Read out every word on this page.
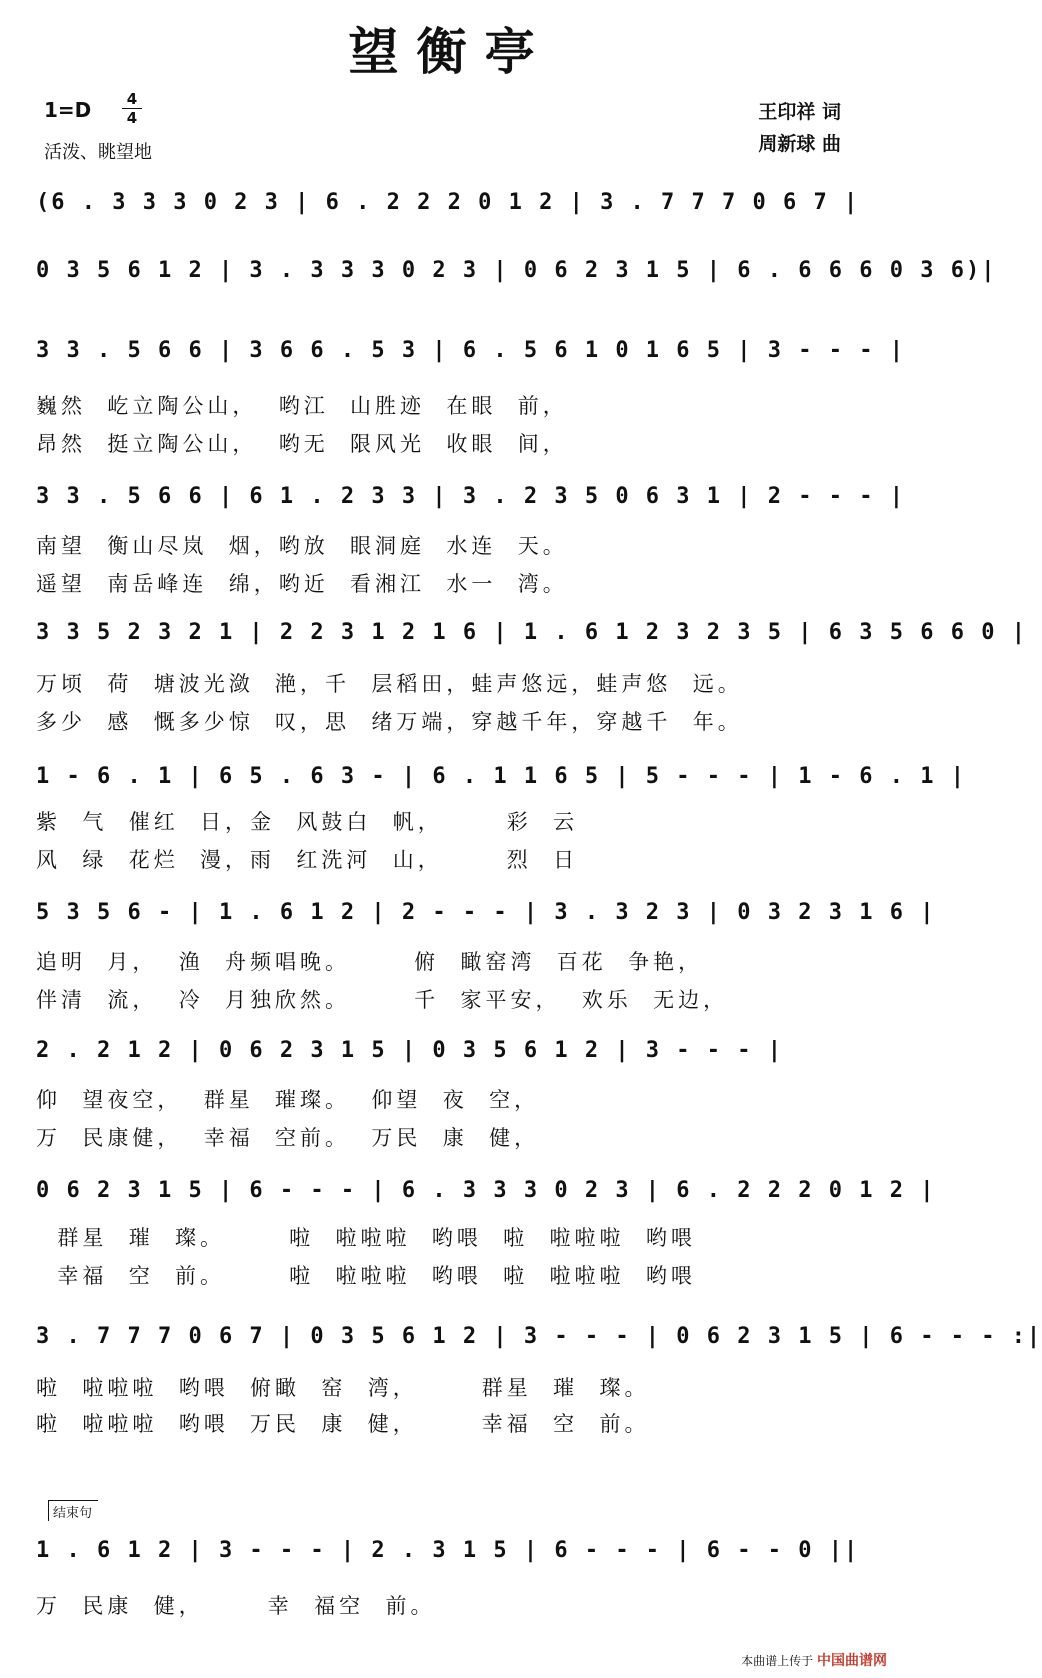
望衡亭
1=D	4
4
活泼、眺望地
王印祥 词
周新球 曲
(6 . 3 3 3 0 2 3 | 6 . 2 2 2 0 1 2 | 3 . 7 7 7 0 6 7 |
0 3 5 6 1 2 | 3 . 3 3 3 0 2 3 | 0 6 2 3 1 5 | 6 . 6 6 6 0 3 6)|
3 3 . 5 6 6 | 3 6 6 . 5 3 | 6 . 5 6 1 0 1 6 5 | 3 - - - |
巍然  屹立陶公山，  哟江  山胜迹  在眼  前，
昂然  挺立陶公山，  哟无  限风光  收眼  间，
3 3 . 5 6 6 | 6 1 . 2 3 3 | 3 . 2 3 5 0 6 3 1 | 2 - - - |
南望  衡山尽岚  烟，哟放  眼洞庭  水连  天。
遥望  南岳峰连  绵，哟近  看湘江  水一  湾。
3 3 5 2 3 2 1 | 2 2 3 1 2 1 6 | 1 . 6 1 2 3 2 3 5 | 6 3 5 6 6 0 |
万顷  荷  塘波光潋  滟，千  层稻田，蛙声悠远，蛙声悠  远。
多少  感  慨多少惊  叹，思  绪万端，穿越千年，穿越千  年。
1 - 6 . 1 | 6 5 . 6 3 - | 6 . 1 1 6 5 | 5 - - - | 1 - 6 . 1 |
紫  气  催红  日，金  风鼓白  帆，      彩  云
风  绿  花烂  漫，雨  红洗河  山，      烈  日
5 3 5 6 - | 1 . 6 1 2 | 2 - - - | 3 . 3 2 3 | 0 3 2 3 1 6 |
追明  月，  渔  舟频唱晚。      俯  瞰窑湾  百花  争艳，
伴清  流，  冷  月独欣然。      千  家平安，  欢乐  无边，
2 . 2 1 2 | 0 6 2 3 1 5 | 0 3 5 6 1 2 | 3 - - - |
仰  望夜空，  群星  璀璨。  仰望  夜  空，
万  民康健，  幸福  空前。  万民  康  健，
0 6 2 3 1 5 | 6 - - - | 6 . 3 3 3 0 2 3 | 6 . 2 2 2 0 1 2 |
群星  璀  璨。      啦  啦啦啦  哟喂  啦  啦啦啦  哟喂
幸福  空  前。      啦  啦啦啦  哟喂  啦  啦啦啦  哟喂
3 . 7 7 7 0 6 7 | 0 3 5 6 1 2 | 3 - - - | 0 6 2 3 1 5 | 6 - - - :|
啦  啦啦啦  哟喂  俯瞰  窑  湾，      群星  璀  璨。
啦  啦啦啦  哟喂  万民  康  健，      幸福  空  前。
结束句
1 . 6 1 2 | 3 - - - | 2 . 3 1 5 | 6 - - - | 6 - - 0 ||
万  民康  健，      幸  福空  前。
本曲谱上传于 中国曲谱网
